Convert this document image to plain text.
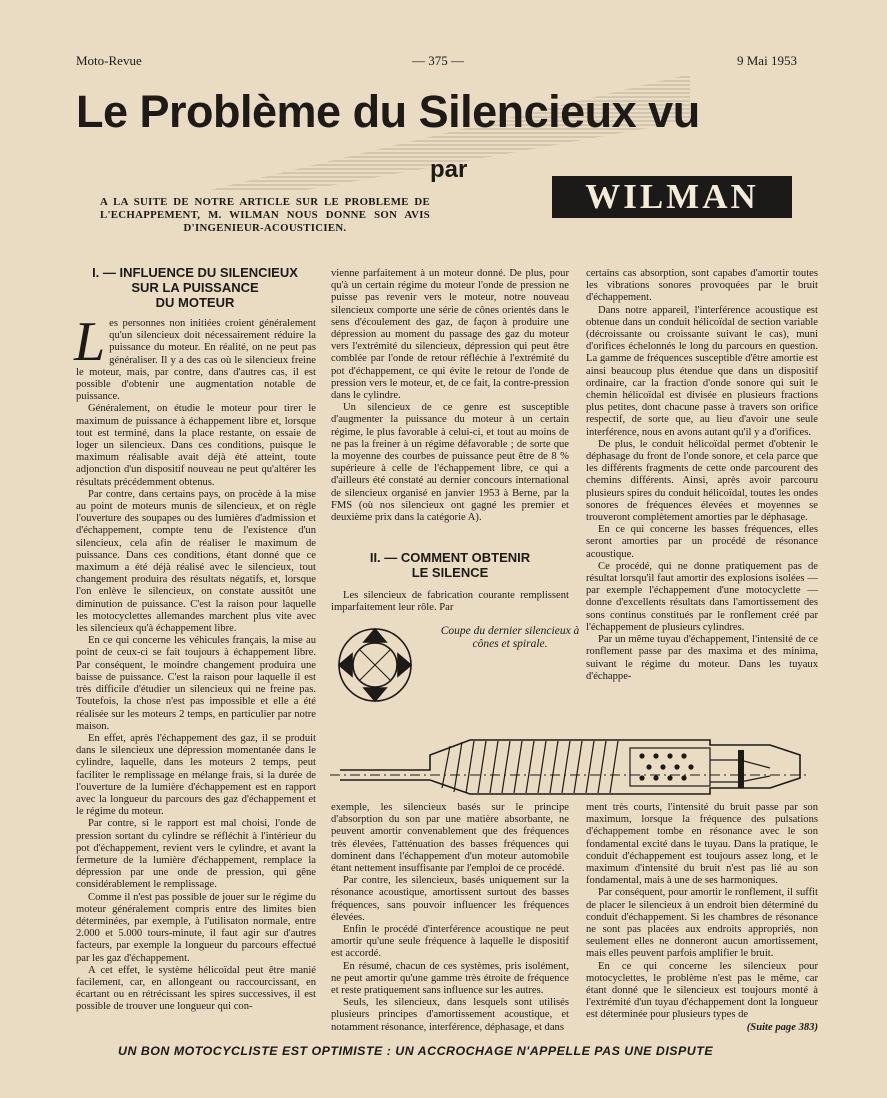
Moto-Revue	— 375 —	9 Mai 1953
Le Problème du Silencieux vu
par
WILMAN
A LA SUITE DE NOTRE ARTICLE SUR LE PROBLEME DE L'ECHAPPEMENT, M. WILMAN NOUS DONNE SON AVIS D'INGENIEUR-ACOUSTICIEN.
I. — INFLUENCE DU SILENCIEUX
SUR LA PUISSANCE
DU MOTEUR

Les personnes non initiées croient généralement qu'un silencieux doit nécessairement réduire la puissance du moteur. En réalité, on ne peut pas généraliser. Il y a des cas où le silencieux freine le moteur, mais, par contre, dans d'autres cas, il est possible d'obtenir une augmentation notable de puissance.

Généralement, on étudie le moteur pour tirer le maximum de puissance à échappement libre et, lorsque tout est terminé, dans la place restante, on essaie de loger un silencieux. Dans ces conditions, puisque le maximum réalisable avait déjà été atteint, toute adjonction d'un dispositif nouveau ne peut qu'altérer les résultats précédemment obtenus.

Par contre, dans certains pays, on procède à la mise au point de moteurs munis de silencieux, et on règle l'ouverture des soupapes ou des lumières d'admission et d'échappement, compte tenu de l'existence d'un silencieux, cela afin de réaliser le maximum de puissance. Dans ces conditions, étant donné que ce maximum a été déjà réalisé avec le silencieux, tout changement produira des résultats négatifs, et, lorsque l'on enlève le silencieux, on constate aussitôt une diminution de puissance. C'est la raison pour laquelle les motocyclettes allemandes marchent plus vite avec les silencieux qu'à échappement libre.

En ce qui concerne les véhicules français, la mise au point de ceux-ci se fait toujours à échappement libre. Par conséquent, le moindre changement produira une baisse de puissance. C'est la raison pour laquelle il est très difficile d'étudier un silencieux qui ne freine pas. Toutefois, la chose n'est pas impossible et elle a été réalisée sur les moteurs 2 temps, en particulier par notre maison.

En effet, après l'échappement des gaz, il se produit dans le silencieux une dépression momentanée dans le cylindre, laquelle, dans les moteurs 2 temps, peut faciliter le remplissage en mélange frais, si la durée de l'ouverture de la lumière d'échappement est en rapport avec la longueur du parcours des gaz d'échappement et le régime du moteur.

Par contre, si le rapport est mal choisi, l'onde de pression sortant du cylindre se réfléchit à l'intérieur du pot d'échappement, revient vers le cylindre, et avant la fermeture de la lumière d'échappement, remplace la dépression par une onde de pression, qui gêne considérablement le remplissage.

Comme il n'est pas possible de jouer sur le régime du moteur généralement compris entre des limites bien déterminées, par exemple, à l'utilisaton normale, entre 2.000 et 5.000 tours-minute, il faut agir sur d'autres facteurs, par exemple la longueur du parcours effectué par les gaz d'échappement.

A cet effet, le système hélicoïdal peut être manié facilement, car, en allongeant ou raccourcissant, en écartant ou en rétrécissant les spires successives, il est possible de trouver une longueur qui con-

vienne parfaitement à un moteur donné. De plus, pour qu'à un certain régime du moteur l'onde de pression ne puisse pas revenir vers le moteur, notre nouveau silencieux comporte une série de cônes orientés dans le sens d'écoulement des gaz, de façon à produire une dépression au moment du passage des gaz du moteur vers l'extrémité du silencieux, dépression qui peut être comblée par l'onde de retour réfléchie à l'extrémité du pot d'échappement, ce qui évite le retour de l'onde de pression vers le moteur, et, de ce fait, la contre-pression dans le cylindre.

Un silencieux de ce genre est susceptible d'augmenter la puissance du moteur à un certain régime, le plus favorable à celui-ci, et tout au moins de ne pas la freiner à un régime défavorable ; de sorte que la moyenne des courbes de puissance peut être de 8 % supérieure à celle de l'échappement libre, ce qui a d'ailleurs été constaté au dernier concours international de silencieux organisé en janvier 1953 à Berne, par la FMS (où nos silencieux ont gagné les premier et deuxième prix dans la catégorie A).

II. — COMMENT OBTENIR
LE SILENCE

Les silencieux de fabrication courante remplissent imparfaitement leur rôle. Par

certains cas absorption, sont capabes d'amortir toutes les vibrations sonores provoquées par le bruit d'échappement.

Dans notre appareil, l'interférence acoustique est obtenue dans un conduit hélicoïdal de section variable (décroissante ou croissante suivant le cas), muni d'orifices échelonnés le long du parcours en question. La gamme de fréquences susceptible d'être amortie est ainsi beaucoup plus étendue que dans un dispositif ordinaire, car la fraction d'onde sonore qui suit le chemin hélicoïdal est divisée en plusieurs fractions plus petites, dont chacune passe à travers son orifice respectif, de sorte que, au lieu d'avoir une seule interférence, nous en avons autant qu'il y a d'orifices.

De plus, le conduit hélicoïdal permet d'obtenir le déphasage du front de l'onde sonore, et cela parce que les différents fragments de cette onde parcourent des chemins différents. Ainsi, après avoir parcouru plusieurs spires du conduit hélicoïdal, toutes les ondes sonores de fréquences élevées et moyennes se trouveront complètement amorties par le déphasage.

En ce qui concerne les basses fréquences, elles seront amorties par un procédé de résonance acoustique.

Ce procédé, qui ne donne pratiquement pas de résultat lorsqu'il faut amortir des explosions isolées — par exemple l'échappement d'une motocyclette — donne d'excellents résultats dans l'amortissement des sons continus constitués par le ronflement créé par l'échappement de plusieurs cylindres.

Par un même tuyau d'échappement, l'intensité de ce ronflement passe par des maxima et des minima, suivant le régime du moteur. Dans les tuyaux d'échappe-

Coupe du dernier silencieux à cônes et spirale.

exemple, les silencieux basés sur le principe d'absorption du son par une matière absorbante, ne peuvent amortir convenablement que des fréquences très élevées, l'atténuation des basses fréquences qui dominent dans l'échappement d'un moteur automobile étant nettement insuffisante par l'emploi de ce procédé.

Par contre, les silencieux, basés uniquement sur la résonance acoustique, amortissent surtout des basses fréquences, sans pouvoir influencer les fréquences élevées.

Enfin le procédé d'interférence acoustique ne peut amortir qu'une seule fréquence à laquelle le dispositif est accordé.

En résumé, chacun de ces systèmes, pris isolément, ne peut amortir qu'une gamme très étroite de fréquence et reste pratiquement sans influence sur les autres.

Seuls, les silencieux, dans lesquels sont utilisés plusieurs principes d'amortissement acoustique, et notamment résonance, interférence, déphasage, et dans

ment très courts, l'intensité du bruit passe par son maximum, lorsque la fréquence des pulsations d'échappement tombe en résonance avec le son fondamental excité dans le tuyau. Dans la pratique, le conduit d'échappement est toujours assez long, et le maximum d'intensité du bruit n'est pas lié au son fondamental, mais à une de ses harmoniques.

Par conséquent, pour amortir le ronflement, il suffit de placer le silencieux à un endroit bien déterminé du conduit d'échappement. Si les chambres de résonance ne sont pas placées aux endroits appropriés, non seulement elles ne donneront aucun amortissement, mais elles peuvent parfois amplifier le bruit.

En ce qui concerne les silencieux pour motocyclettes, le problème n'est pas le même, car étant donné que le silencieux est toujours monté à l'extrémité d'un tuyau d'échappement dont la longueur est déterminée pour plusieurs types de

(Suite page 383)

UN BON MOTOCYCLISTE EST OPTIMISTE : UN ACCROCHAGE N'APPELLE PAS UNE DISPUTE
